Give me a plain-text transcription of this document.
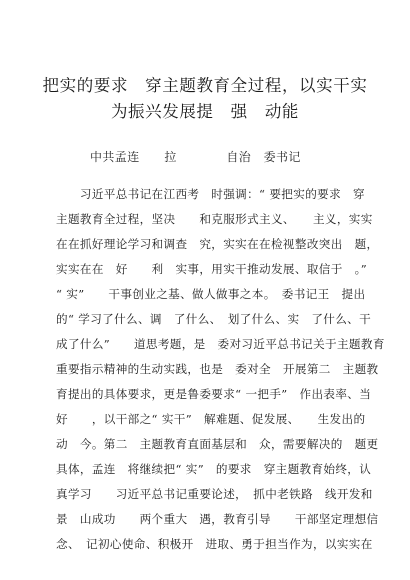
把实的要求　穿主题教育全过程，以实干实
为振兴发展提　强　动能
中共孟连　　拉　　　　自治　委书记
　　习近平总书记在江西考　时强调：“ 要把实的要求　穿
主题教育全过程，坚决　　和克服形式主义、　　主义，实实
在在抓好理论学习和调查　究，实实在在检视整改突出　题，
实实在在　好　　利　实事，用实干推动发展、取信于　。”
“ 实”　　干事创业之基、做人做事之本。　委书记王　提出
的“ 学习了什么、调　了什么、　划了什么、实　了什么、干
成了什么”　　道思考题，是　委对习近平总书记关于主题教育
重要指示精神的生动实践，也是　委对全　开展第二　主题教
育提出的具体要求，更是鲁委要求“ 一把手”　作出表率、当
好　　，以干部之“ 实干”　解难题、促发展、　　生发出的
动　今。第二　主题教育直面基层和　众，需要解决的　题更
具体，孟连　将继续把“ 实”　的要求　穿主题教育始终，认
真学习　　习近平总书记重要论述，　抓中老铁路　线开发和
景　山成功　　两个重大　遇，教育引导　　干部坚定理想信
念、　记初心使命、积极开　进取、勇于担当作为，以实实在
